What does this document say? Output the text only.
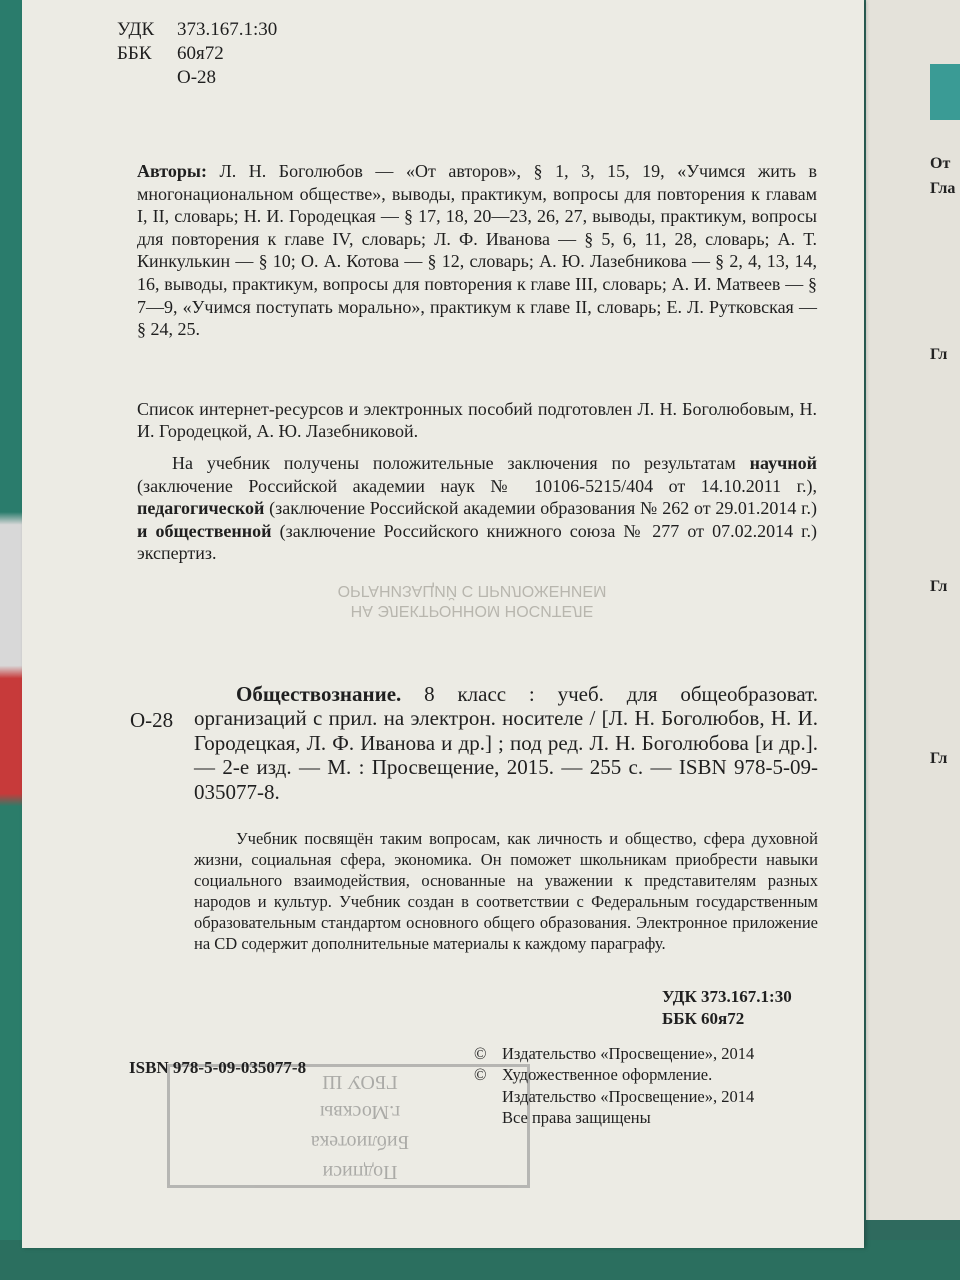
От
Гла
Гл
Гл
Гл
УДК	373.167.1:30
ББК	60я72
О-28
Авторы: Л. Н. Боголюбов — «От авторов», § 1, 3, 15, 19, «Учимся жить в многонациональном обществе», выводы, практикум, вопросы для повторения к главам I, II, словарь; Н. И. Городецкая — § 17, 18, 20—23, 26, 27, выводы, практикум, вопросы для повторения к главе IV, словарь; Л. Ф. Иванова — § 5, 6, 11, 28, словарь; А. Т. Кинкулькин — § 10; О. А. Котова — § 12, словарь; А. Ю. Лазебникова — § 2, 4, 13, 14, 16, выводы, практикум, вопросы для повторения к главе III, словарь; А. И. Матвеев — § 7—9, «Учимся поступать морально», практикум к главе II, словарь; Е. Л. Рутковская — § 24, 25.
Список интернет-ресурсов и электронных пособий подготовлен Л. Н. Боголюбовым, Н. И. Городецкой, А. Ю. Лазебниковой.
На учебник получены положительные заключения по результатам научной (заключение Российской академии наук № 10106-5215/404 от 14.10.2011 г.), педагогической (заключение Российской академии образования № 262 от 29.01.2014 г.) и общественной (заключение Российского книжного союза № 277 от 07.02.2014 г.) экспертиз.
НА ЭЛЕКТРОННОМ НОСИТЕЛЕ
ОРГАНИЗАЦИЙ С ПРИЛОЖЕНИЕМ
О-28
Обществознание. 8 класс : учеб. для общеобразоват. организаций с прил. на электрон. носителе / [Л. Н. Боголюбов, Н. И. Городецкая, Л. Ф. Иванова и др.] ; под ред. Л. Н. Боголюбова [и др.]. — 2-е изд. — М. : Просвещение, 2015. — 255 с. — ISBN 978-5-09-035077-8.
Учебник посвящён таким вопросам, как личность и общество, сфера духовной жизни, социальная сфера, экономика. Он поможет школьникам приобрести навыки социального взаимодействия, основанные на уважении к представителям разных народов и культур. Учебник создан в соответствии с Федеральным государственным образовательным стандартом основного общего образования. Электронное приложение на CD содержит дополнительные материалы к каждому параграфу.
УДК 373.167.1:30
ББК 60я72
Подписи
Библиотека
г.Москвы
ГБОУ Ш
ISBN 978-5-09-035077-8
© Издательство «Просвещение», 2014
© Художественное оформление.
Издательство «Просвещение», 2014
Все права защищены
